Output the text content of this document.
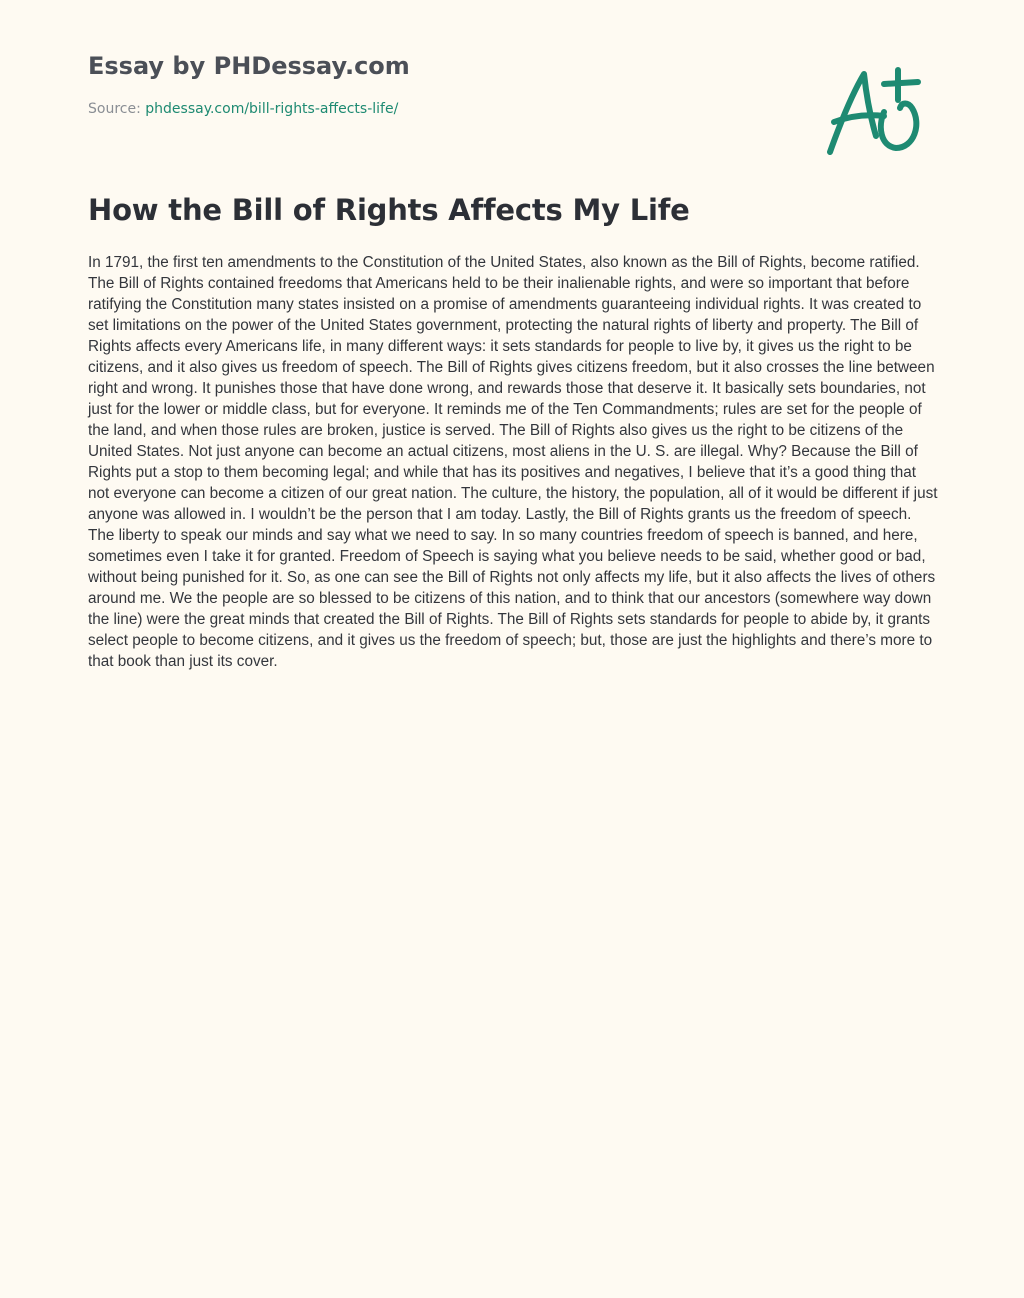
Essay by PHDessay.com
Source: phdessay.com/bill-rights-affects-life/
How the Bill of Rights Affects My Life

In 1791, the first ten amendments to the Constitution of the United States, also known as the Bill of Rights, become ratified. The Bill of Rights contained freedoms that Americans held to be their inalienable rights, and were so important that before ratifying the Constitution many states insisted on a promise of amendments guaranteeing individual rights. It was created to set limitations on the power of the United States government, protecting the natural rights of liberty and property. The Bill of Rights affects every Americans life, in many different ways: it sets standards for people to live by, it gives us the right to be citizens, and it also gives us freedom of speech. The Bill of Rights gives citizens freedom, but it also crosses the line between right and wrong. It punishes those that have done wrong, and rewards those that deserve it. It basically sets boundaries, not just for the lower or middle class, but for everyone. It reminds me of the Ten Commandments; rules are set for the people of the land, and when those rules are broken, justice is served. The Bill of Rights also gives us the right to be citizens of the United States. Not just anyone can become an actual citizens, most aliens in the U. S. are illegal. Why? Because the Bill of Rights put a stop to them becoming legal; and while that has its positives and negatives, I believe that it’s a good thing that not everyone can become a citizen of our great nation. The culture, the history, the population, all of it would be different if just anyone was allowed in. I wouldn’t be the person that I am today. Lastly, the Bill of Rights grants us the freedom of speech. The liberty to speak our minds and say what we need to say. In so many countries freedom of speech is banned, and here, sometimes even I take it for granted. Freedom of Speech is saying what you believe needs to be said, whether good or bad, without being punished for it. So, as one can see the Bill of Rights not only affects my life, but it also affects the lives of others around me. We the people are so blessed to be citizens of this nation, and to think that our ancestors (somewhere way down the line) were the great minds that created the Bill of Rights. The Bill of Rights sets standards for people to abide by, it grants select people to become citizens, and it gives us the freedom of speech; but, those are just the highlights and there’s more to that book than just its cover.
